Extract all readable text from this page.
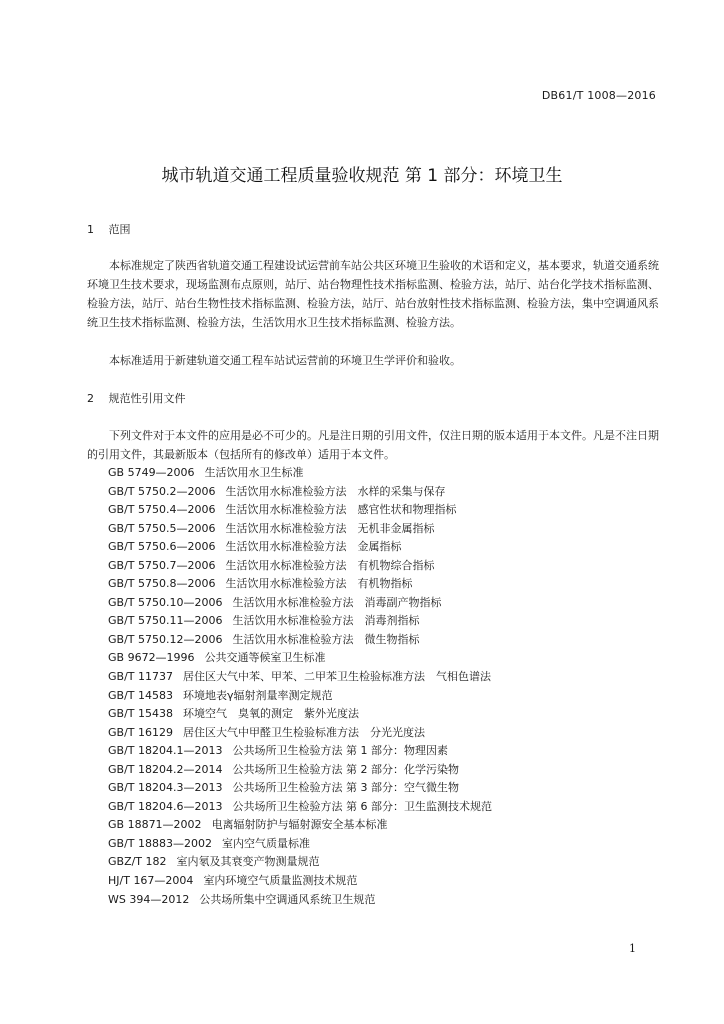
DB61/T 1008—2016
城市轨道交通工程质量验收规范 第 1 部分：环境卫生
1 范围

本标准规定了陕西省轨道交通工程建设试运营前车站公共区环境卫生验收的术语和定义，基本要求，轨道交通系统环境卫生技术要求，现场监测布点原则，站厅、站台物理性技术指标监测、检验方法，站厅、站台化学技术指标监测、检验方法，站厅、站台生物性技术指标监测、检验方法，站厅、站台放射性技术指标监测、检验方法，集中空调通风系统卫生技术指标监测、检验方法，生活饮用水卫生技术指标监测、检验方法。

本标准适用于新建轨道交通工程车站试运营前的环境卫生学评价和验收。

2 规范性引用文件

下列文件对于本文件的应用是必不可少的。凡是注日期的引用文件，仅注日期的版本适用于本文件。凡是不注日期的引用文件，其最新版本（包括所有的修改单）适用于本文件。

GB 5749—2006 生活饮用水卫生标准
GB/T 5750.2—2006 生活饮用水标准检验方法　水样的采集与保存
GB/T 5750.4—2006 生活饮用水标准检验方法　感官性状和物理指标
GB/T 5750.5—2006 生活饮用水标准检验方法　无机非金属指标
GB/T 5750.6—2006 生活饮用水标准检验方法　金属指标
GB/T 5750.7—2006 生活饮用水标准检验方法　有机物综合指标
GB/T 5750.8—2006 生活饮用水标准检验方法　有机物指标
GB/T 5750.10—2006 生活饮用水标准检验方法　消毒副产物指标
GB/T 5750.11—2006 生活饮用水标准检验方法　消毒剂指标
GB/T 5750.12—2006 生活饮用水标准检验方法　微生物指标
GB 9672—1996 公共交通等候室卫生标准
GB/T 11737 居住区大气中苯、甲苯、二甲苯卫生检验标准方法　气相色谱法
GB/T 14583 环境地表γ辐射剂量率测定规范
GB/T 15438 环境空气　臭氧的测定　紫外光度法
GB/T 16129 居住区大气中甲醛卫生检验标准方法　分光光度法
GB/T 18204.1—2013 公共场所卫生检验方法 第 1 部分：物理因素
GB/T 18204.2—2014 公共场所卫生检验方法 第 2 部分：化学污染物
GB/T 18204.3—2013 公共场所卫生检验方法 第 3 部分：空气微生物
GB/T 18204.6—2013 公共场所卫生检验方法 第 6 部分：卫生监测技术规范
GB 18871—2002 电离辐射防护与辐射源安全基本标准
GB/T 18883—2002 室内空气质量标准
GBZ/T 182 室内氡及其衰变产物测量规范
HJ/T 167—2004 室内环境空气质量监测技术规范
WS 394—2012 公共场所集中空调通风系统卫生规范
1
